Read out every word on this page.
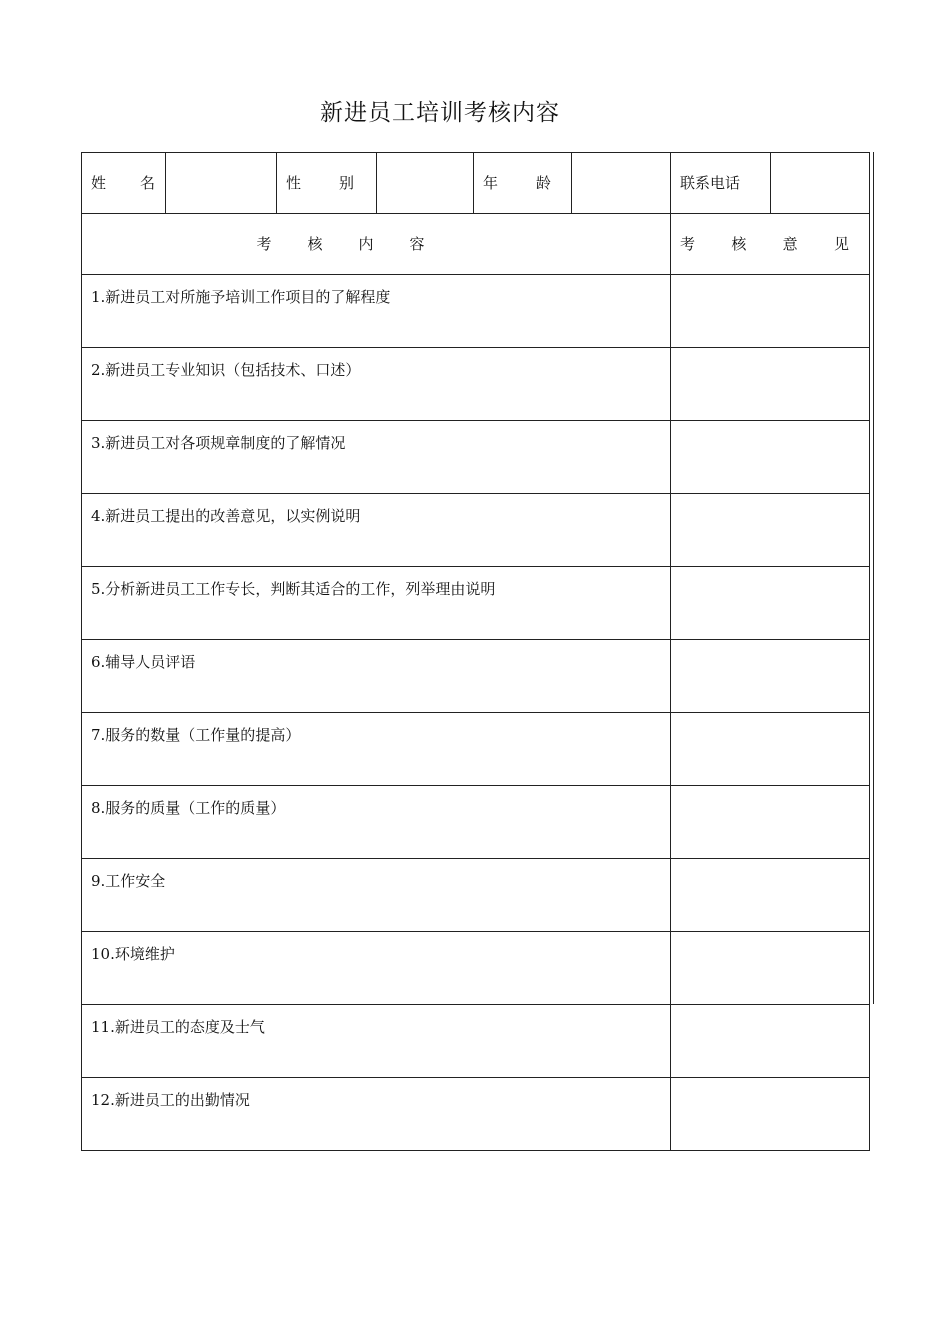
新进员工培训考核内容
姓 名		性 别		年 龄		联系电话	

考 核 内 容						考 核 意 见	

1.新进员工对所施予培训工作项目的了解程度							
2.新进员工专业知识（包括技术、口述）							
3.新进员工对各项规章制度的了解情况							
4.新进员工提出的改善意见，以实例说明							
5.分析新进员工工作专长，判断其适合的工作，列举理由说明							
6.辅导人员评语							
7.服务的数量（工作量的提高）							
8.服务的质量（工作的质量）							
9.工作安全							
10.环境维护							
11.新进员工的态度及士气							
12.新进员工的出勤情况							
